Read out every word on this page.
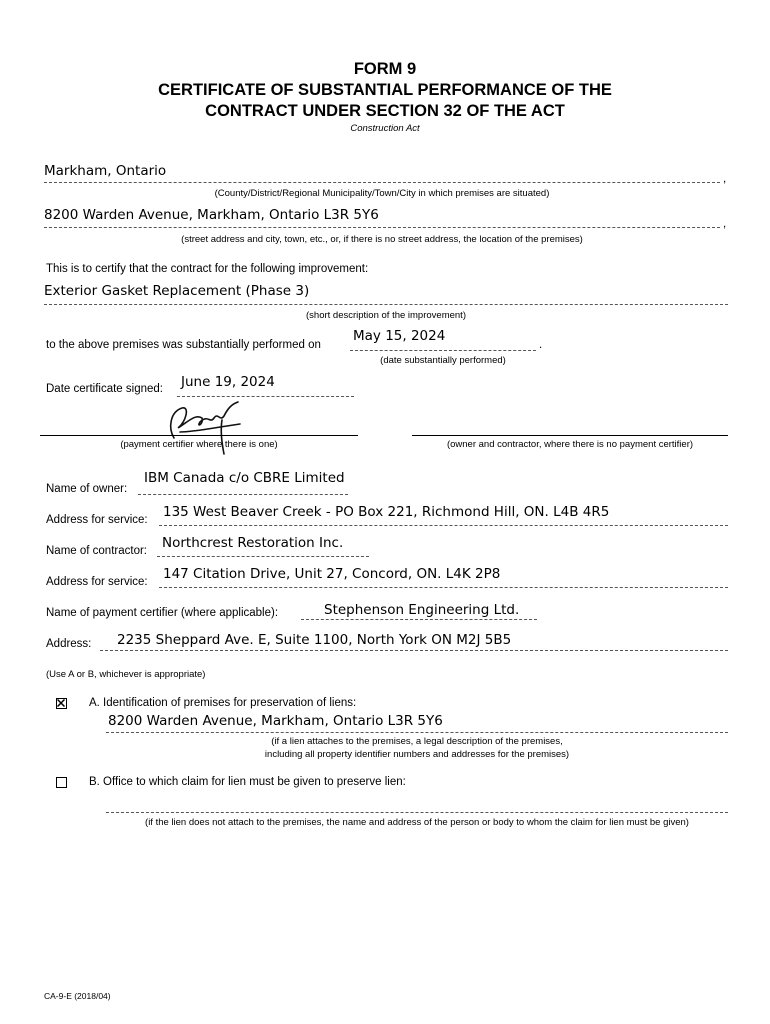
FORM 9
CERTIFICATE OF SUBSTANTIAL PERFORMANCE OF THE
CONTRACT UNDER SECTION 32 OF THE ACT
Construction Act
Markham, Ontario	,
(County/District/Regional Municipality/Town/City in which premises are situated)
8200 Warden Avenue, Markham, Ontario L3R 5Y6
,
(street address and city, town, etc., or, if there is no street address, the location of the premises)
This is to certify that the contract for the following improvement:
Exterior Gasket Replacement (Phase 3)
(short description of the improvement)
to the above premises was substantially performed on
May 15, 2024
.
(date substantially performed)
Date certificate signed: June 19, 2024
(payment certifier where there is one)	(owner and contractor, where there is no payment certifier)
Name of owner:
IBM Canada c/o CBRE Limited
Address for service: 135 West Beaver Creek - PO Box 221, Richmond Hill, ON. L4B 4R5
Name of contractor: Northcrest Restoration Inc.
Address for service: 147 Citation Drive, Unit 27, Concord, ON. L4K 2P8
Name of payment certifier (where applicable):	Stephenson Engineering Ltd.
Address: 2235 Sheppard Ave. E, Suite 1100, North York ON M2J 5B5
(Use A or B, whichever is appropriate)
A. Identification of premises for preservation of liens:
8200 Warden Avenue, Markham, Ontario L3R 5Y6
(if a lien attaches to the premises, a legal description of the premises,
including all property identifier numbers and addresses for the premises)
B. Office to which claim for lien must be given to preserve lien:
(if the lien does not attach to the premises, the name and address of the person or body to whom the claim for lien must be given)
CA-9-E (2018/04)
